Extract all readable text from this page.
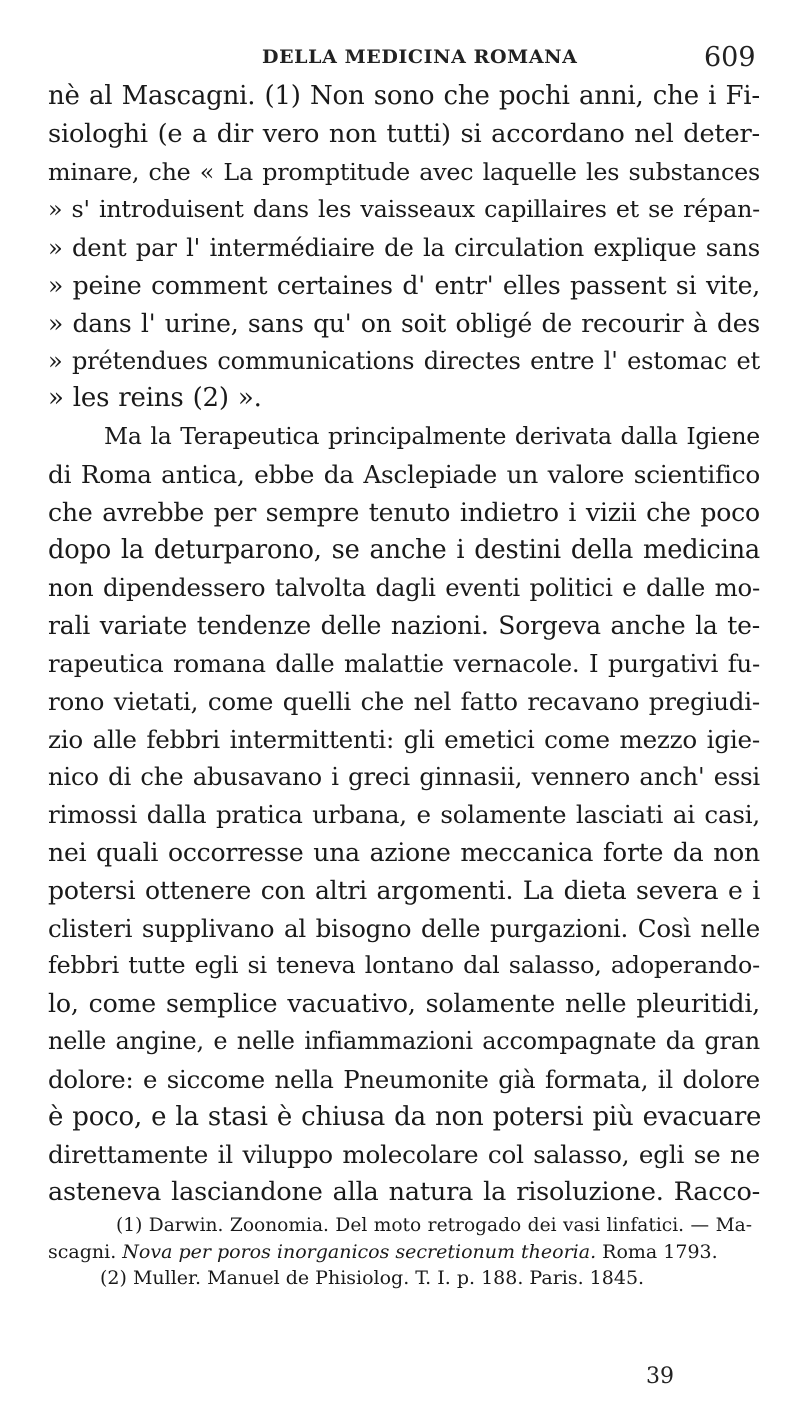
DELLA MEDICINA ROMANA	609
nè al Mascagni. (1) Non sono che pochi anni, che i Fi-
siologhi (e a dir vero non tutti) si accordano nel deter-
minare, che « La promptitude avec laquelle les substances
» s' introduisent dans les vaisseaux capillaires et se répan-
» dent par l' intermédiaire de la circulation explique sans
» peine comment certaines d' entr' elles passent si vite,
» dans l' urine, sans qu' on soit obligé de recourir à des
» prétendues communications directes entre l' estomac et
» les reins (2) ».
Ma la Terapeutica principalmente derivata dalla Igiene
di Roma antica, ebbe da Asclepiade un valore scientifico
che avrebbe per sempre tenuto indietro i vizii che poco
dopo la deturparono, se anche i destini della medicina
non dipendessero talvolta dagli eventi politici e dalle mo-
rali variate tendenze delle nazioni. Sorgeva anche la te-
rapeutica romana dalle malattie vernacole. I purgativi fu-
rono vietati, come quelli che nel fatto recavano pregiudi-
zio alle febbri intermittenti: gli emetici come mezzo igie-
nico di che abusavano i greci ginnasii, vennero anch' essi
rimossi dalla pratica urbana, e solamente lasciati ai casi,
nei quali occorresse una azione meccanica forte da non
potersi ottenere con altri argomenti. La dieta severa e i
clisteri supplivano al bisogno delle purgazioni. Così nelle
febbri tutte egli si teneva lontano dal salasso, adoperando-
lo, come semplice vacuativo, solamente nelle pleuritidi,
nelle angine, e nelle infiammazioni accompagnate da gran
dolore: e siccome nella Pneumonite già formata, il dolore
è poco, e la stasi è chiusa da non potersi più evacuare
direttamente il viluppo molecolare col salasso, egli se ne
asteneva lasciandone alla natura la risoluzione. Racco-
(1) Darwin. Zoonomia. Del moto retrogado dei vasi linfatici. — Ma-
scagni. Nova per poros inorganicos secretionum theoria. Roma 1793.
(2) Muller. Manuel de Phisiolog. T. I. p. 188. Paris. 1845.
39
